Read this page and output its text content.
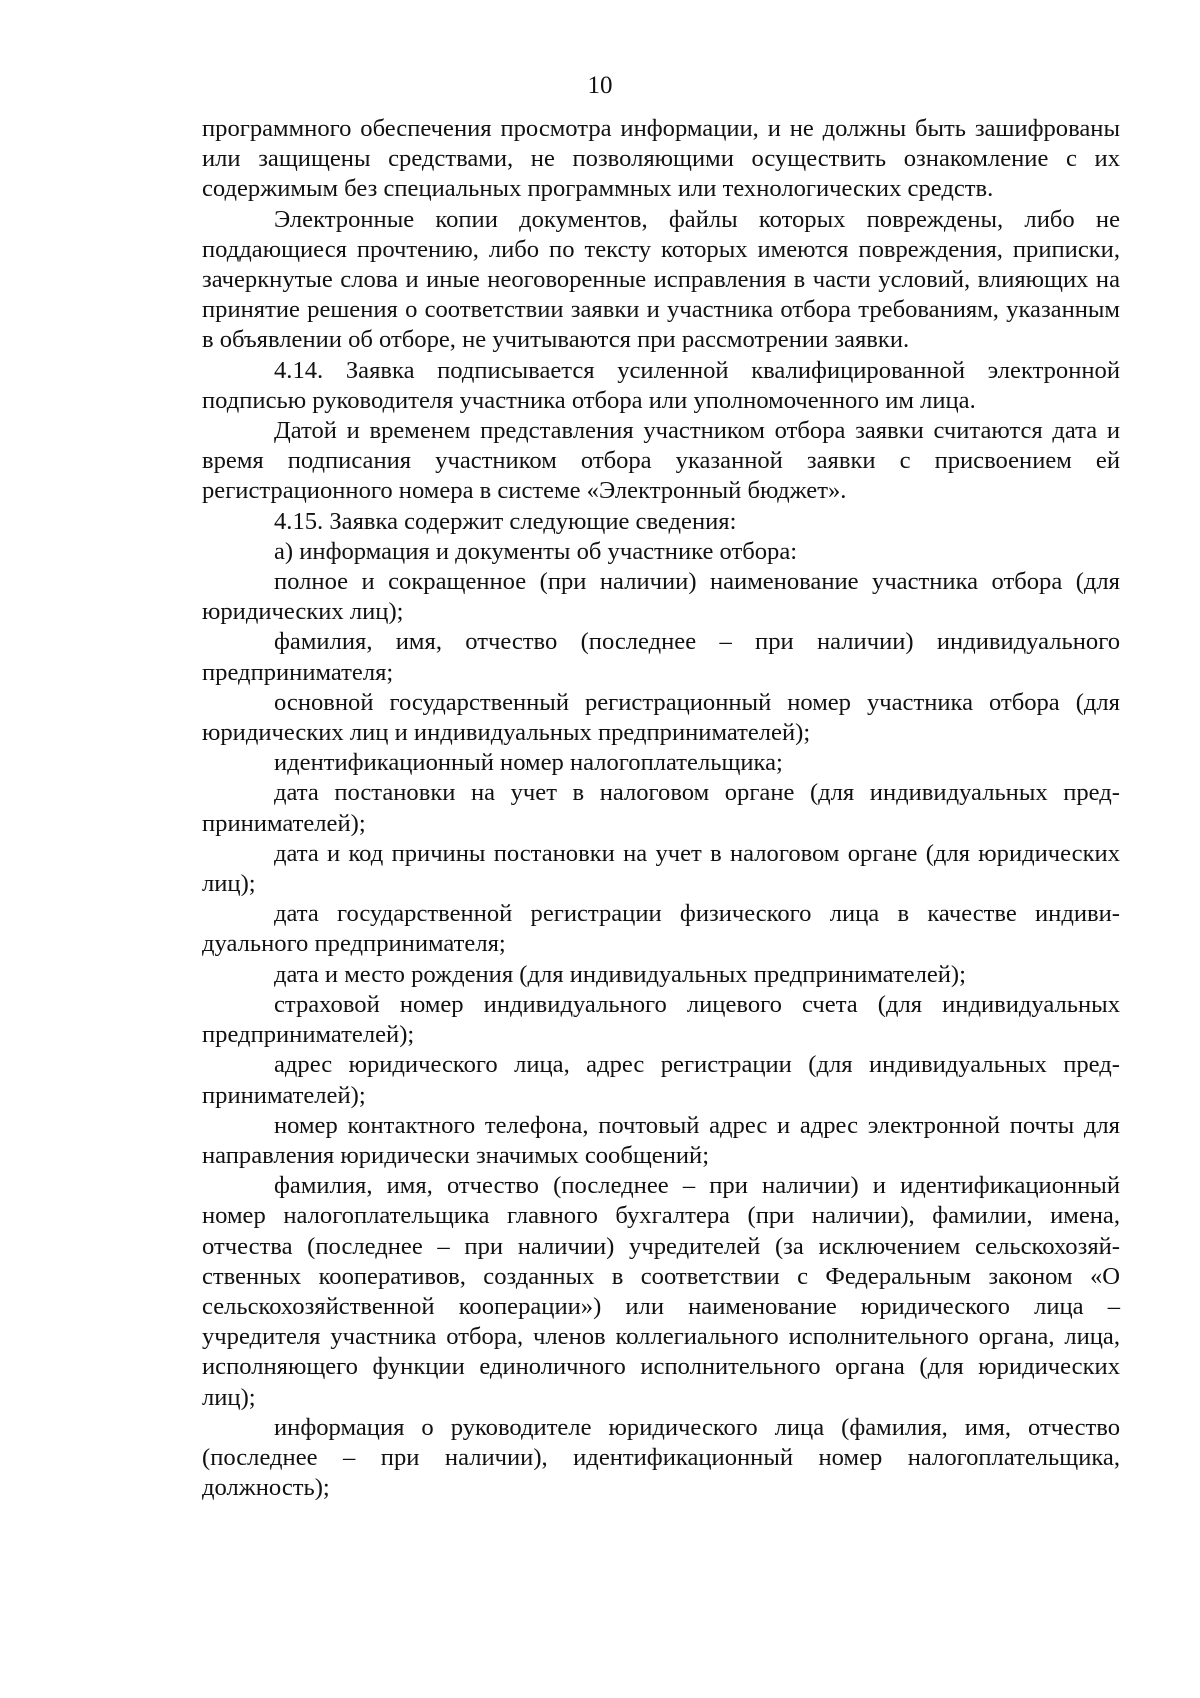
10

программного обеспечения просмотра информации, и не должны быть зашифрованы или защищены средствами, не позволяющими осуществить ознакомление с их содержимым без специальных программных или технологических средств.

Электронные копии документов, файлы которых повреждены, либо не поддающиеся прочтению, либо по тексту которых имеются повреждения, приписки, зачеркнутые слова и иные неоговоренные исправления в части условий, влияющих на принятие решения о соответствии заявки и участника отбора требованиям, указанным в объявлении об отборе, не учитываются при рассмотрении заявки.

4.14. Заявка подписывается усиленной квалифицированной электронной подписью руководителя участника отбора или уполномоченного им лица.

Датой и временем представления участником отбора заявки считаются дата и время подписания участником отбора указанной заявки с присвоением ей регистрационного номера в системе «Электронный бюджет».

4.15. Заявка содержит следующие сведения:

а) информация и документы об участнике отбора:

полное и сокращенное (при наличии) наименование участника отбора (для юридических лиц);

фамилия, имя, отчество (последнее – при наличии) индивидуального предпринимателя;

основной государственный регистрационный номер участника отбора (для юридических лиц и индивидуальных предпринимателей);

идентификационный номер налогоплательщика;

дата постановки на учет в налоговом органе (для индивидуальных предпринимателей);

дата и код причины постановки на учет в налоговом органе (для юридических лиц);

дата государственной регистрации физического лица в качестве индивидуального предпринимателя;

дата и место рождения (для индивидуальных предпринимателей);

страховой номер индивидуального лицевого счета (для индивидуальных предпринимателей);

адрес юридического лица, адрес регистрации (для индивидуальных предпринимателей);

номер контактного телефона, почтовый адрес и адрес электронной почты для направления юридически значимых сообщений;

фамилия, имя, отчество (последнее – при наличии) и идентификационный номер налогоплательщика главного бухгалтера (при наличии), фамилии, имена, отчества (последнее – при наличии) учредителей (за исключением сельскохозяйственных кооперативов, созданных в соответствии с Федеральным законом «О сельскохозяйственной кооперации») или наименование юридического лица – учредителя участника отбора, членов коллегиального исполнительного органа, лица, исполняющего функции единоличного исполнительного органа (для юридических лиц);

информация о руководителе юридического лица (фамилия, имя, отчество (последнее – при наличии), идентификационный номер налогоплательщика, должность);
